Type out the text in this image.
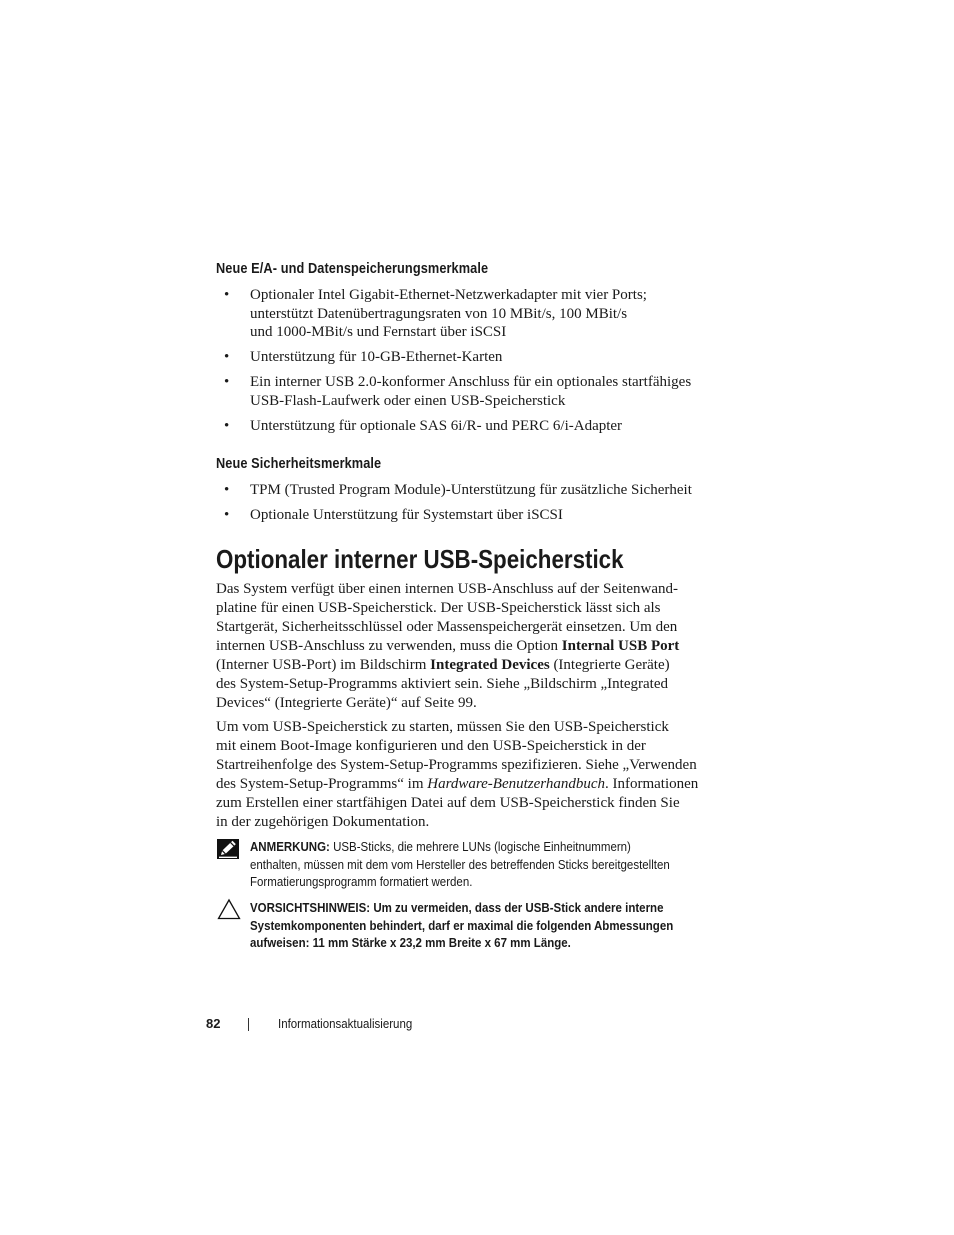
Neue E/A- und Datenspeicherungsmerkmale
• Optionaler Intel Gigabit-Ethernet-Netzwerkadapter mit vier Ports;
unterstützt Datenübertragungsraten von 10 MBit/s, 100 MBit/s
und 1000-MBit/s und Fernstart über iSCSI
• Unterstützung für 10-GB-Ethernet-Karten
• Ein interner USB 2.0-konformer Anschluss für ein optionales startfähiges
USB-Flash-Laufwerk oder einen USB-Speicherstick
• Unterstützung für optionale SAS 6i/R- und PERC 6/i-Adapter
Neue Sicherheitsmerkmale
• TPM (Trusted Program Module)-Unterstützung für zusätzliche Sicherheit
• Optionale Unterstützung für Systemstart über iSCSI
Optionaler interner USB-Speicherstick
Das System verfügt über einen internen USB-Anschluss auf der Seitenwand-
platine für einen USB-Speicherstick. Der USB-Speicherstick lässt sich als
Startgerät, Sicherheitsschlüssel oder Massenspeichergerät einsetzen. Um den
internen USB-Anschluss zu verwenden, muss die Option Internal USB Port
(Interner USB-Port) im Bildschirm Integrated Devices (Integrierte Geräte)
des System-Setup-Programms aktiviert sein. Siehe „Bildschirm „Integrated
Devices“ (Integrierte Geräte)“ auf Seite 99.
Um vom USB-Speicherstick zu starten, müssen Sie den USB-Speicherstick
mit einem Boot-Image konfigurieren und den USB-Speicherstick in der
Startreihenfolge des System-Setup-Programms spezifizieren. Siehe „Verwenden
des System-Setup-Programms“ im Hardware-Benutzerhandbuch. Informationen
zum Erstellen einer startfähigen Datei auf dem USB-Speicherstick finden Sie
in der zugehörigen Dokumentation.
ANMERKUNG: USB-Sticks, die mehrere LUNs (logische Einheitnummern)
enthalten, müssen mit dem vom Hersteller des betreffenden Sticks bereitgestellten
Formatierungsprogramm formatiert werden.
VORSICHTSHINWEIS: Um zu vermeiden, dass der USB-Stick andere interne
Systemkomponenten behindert, darf er maximal die folgenden Abmessungen
aufweisen: 11 mm Stärke x 23,2 mm Breite x 67 mm Länge.
82	Informationsaktualisierung
